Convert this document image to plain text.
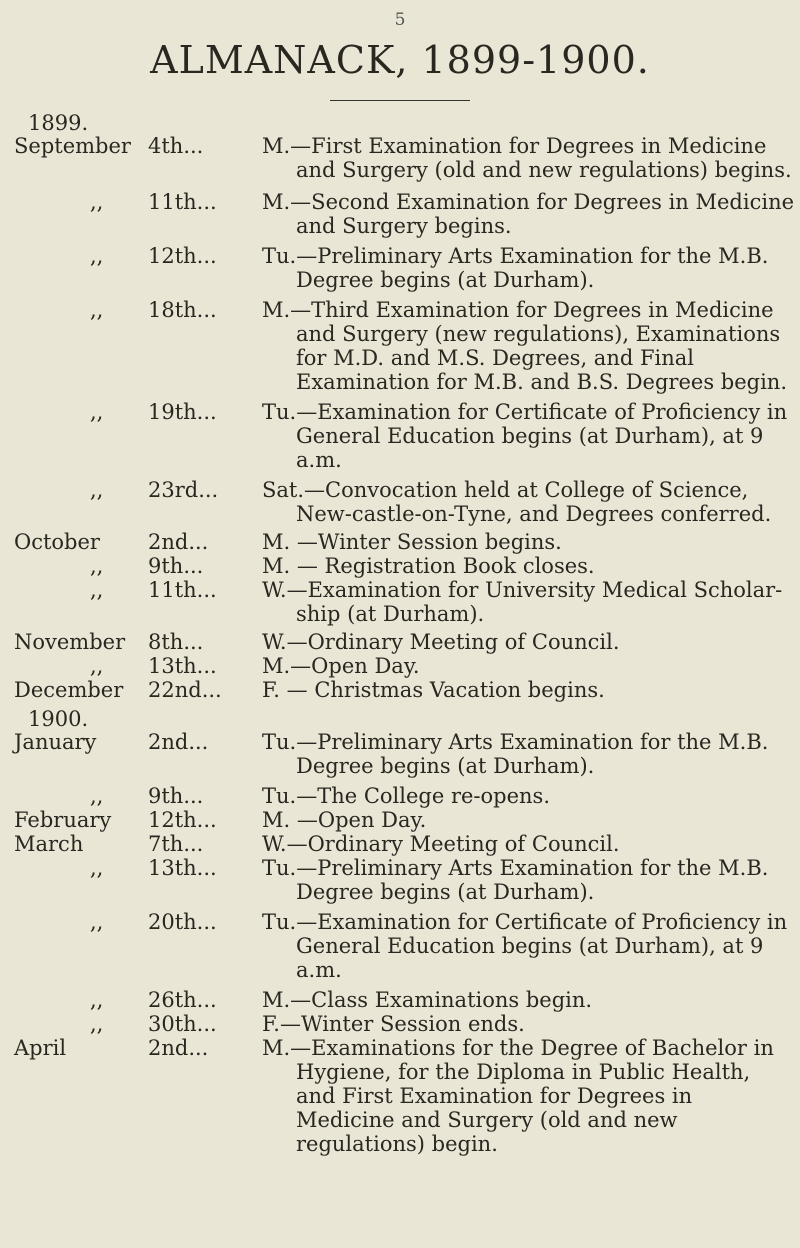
5
ALMANACK, 1899-1900.
1899.
September 4th...	M.—First Examination for Degrees in Medicine and Surgery (old and new regulations) begins.
,, 11th... M.—Second Examination for Degrees in Medicine and Surgery begins.
,, 12th... Tu.—Preliminary Arts Examination for the M.B. Degree begins (at Durham).
,, 18th... M.—Third Examination for Degrees in Medicine and Surgery (new regulations), Examinations for M.D. and M.S. Degrees, and Final Examination for M.B. and B.S. Degrees begin.
,, 19th... Tu.—Examination for Certificate of Proficiency in General Education begins (at Durham), at 9 a.m.
,, 23rd... Sat.—Convocation held at College of Science, New-castle-on-Tyne, and Degrees conferred.
October 2nd...	M. —Winter Session begins.
,, 9th...	M. — Registration Book closes.
,, 11th... W.—Examination for University Medical Scholar-ship (at Durham).
November 8th...	W.—Ordinary Meeting of Council.
,, 13th... M.—Open Day.
December 22nd... F. — Christmas Vacation begins.
1900.
January 2nd...	Tu.—Preliminary Arts Examination for the M.B. Degree begins (at Durham).
,, 9th...	Tu.—The College re-opens.
February 12th... M. —Open Day.
March	7th...	W.—Ordinary Meeting of Council.
,, 13th... Tu.—Preliminary Arts Examination for the M.B. Degree begins (at Durham).
,, 20th... Tu.—Examination for Certificate of Proficiency in General Education begins (at Durham), at 9 a.m.
,, 26th... M.—Class Examinations begin.
,, 30th... F.—Winter Session ends.
April	2nd...	M.—Examinations for the Degree of Bachelor in Hygiene, for the Diploma in Public Health, and First Examination for Degrees in Medicine and Surgery (old and new regulations) begin.
